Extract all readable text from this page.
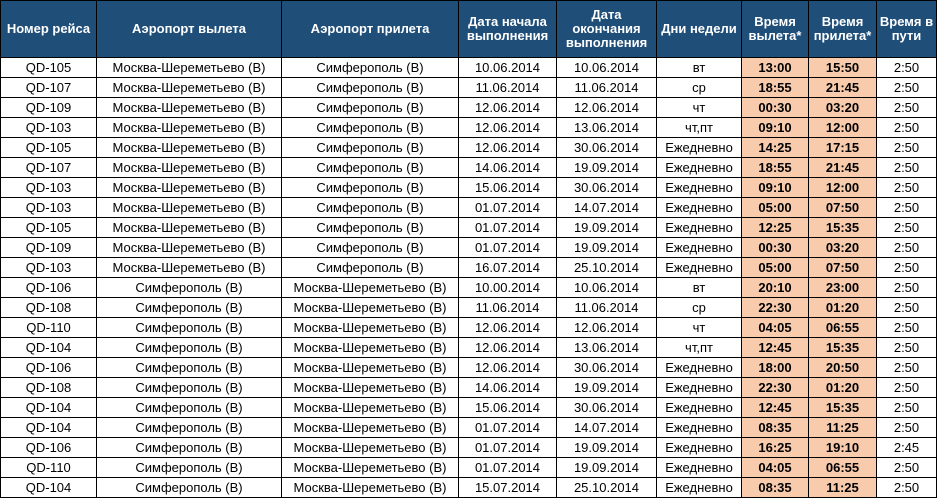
Номер рейса	Аэропорт вылета	Аэропорт прилета	Дата начала выполнения	Дата окончания выполнения	Дни недели	Время вылета*	Время прилета*	Время в пути
QD-105	Москва-Шереметьево (B)	Симферополь (B)	10.06.2014	10.06.2014	вт	13:00	15:50	2:50
QD-107	Москва-Шереметьево (B)	Симферополь (B)	11.06.2014	11.06.2014	ср	18:55	21:45	2:50
QD-109	Москва-Шереметьево (B)	Симферополь (B)	12.06.2014	12.06.2014	чт	00:30	03:20	2:50
QD-103	Москва-Шереметьево (B)	Симферополь (B)	12.06.2014	13.06.2014	чт,пт	09:10	12:00	2:50
QD-105	Москва-Шереметьево (B)	Симферополь (B)	12.06.2014	30.06.2014	Ежедневно	14:25	17:15	2:50
QD-107	Москва-Шереметьево (B)	Симферополь (B)	14.06.2014	19.09.2014	Ежедневно	18:55	21:45	2:50
QD-103	Москва-Шереметьево (B)	Симферополь (B)	15.06.2014	30.06.2014	Ежедневно	09:10	12:00	2:50
QD-103	Москва-Шереметьево (B)	Симферополь (B)	01.07.2014	14.07.2014	Ежедневно	05:00	07:50	2:50
QD-105	Москва-Шереметьево (B)	Симферополь (B)	01.07.2014	19.09.2014	Ежедневно	12:25	15:35	2:50
QD-109	Москва-Шереметьево (B)	Симферополь (B)	01.07.2014	19.09.2014	Ежедневно	00:30	03:20	2:50
QD-103	Москва-Шереметьево (B)	Симферополь (B)	16.07.2014	25.10.2014	Ежедневно	05:00	07:50	2:50
QD-106	Симферополь (B)	Москва-Шереметьево (B)	10.00.2014	10.06.2014	вт	20:10	23:00	2:50
QD-108	Симферополь (B)	Москва-Шереметьево (B)	11.06.2014	11.06.2014	ср	22:30	01:20	2:50
QD-110	Симферополь (B)	Москва-Шереметьево (B)	12.06.2014	12.06.2014	чт	04:05	06:55	2:50
QD-104	Симферополь (B)	Москва-Шереметьево (B)	12.06.2014	13.06.2014	чт,пт	12:45	15:35	2:50
QD-106	Симферополь (B)	Москва-Шереметьево (B)	12.06.2014	30.06.2014	Ежедневно	18:00	20:50	2:50
QD-108	Симферополь (B)	Москва-Шереметьево (B)	14.06.2014	19.09.2014	Ежедневно	22:30	01:20	2:50
QD-104	Симферополь (B)	Москва-Шереметьево (B)	15.06.2014	30.06.2014	Ежедневно	12:45	15:35	2:50
QD-104	Симферополь (B)	Москва-Шереметьево (B)	01.07.2014	14.07.2014	Ежедневно	08:35	11:25	2:50
QD-106	Симферополь (B)	Москва-Шереметьево (B)	01.07.2014	19.09.2014	Ежедневно	16:25	19:10	2:45
QD-110	Симферополь (B)	Москва-Шереметьево (B)	01.07.2014	19.09.2014	Ежедневно	04:05	06:55	2:50
QD-104	Симферополь (B)	Москва-Шереметьево (B)	15.07.2014	25.10.2014	Ежедневно	08:35	11:25	2:50
